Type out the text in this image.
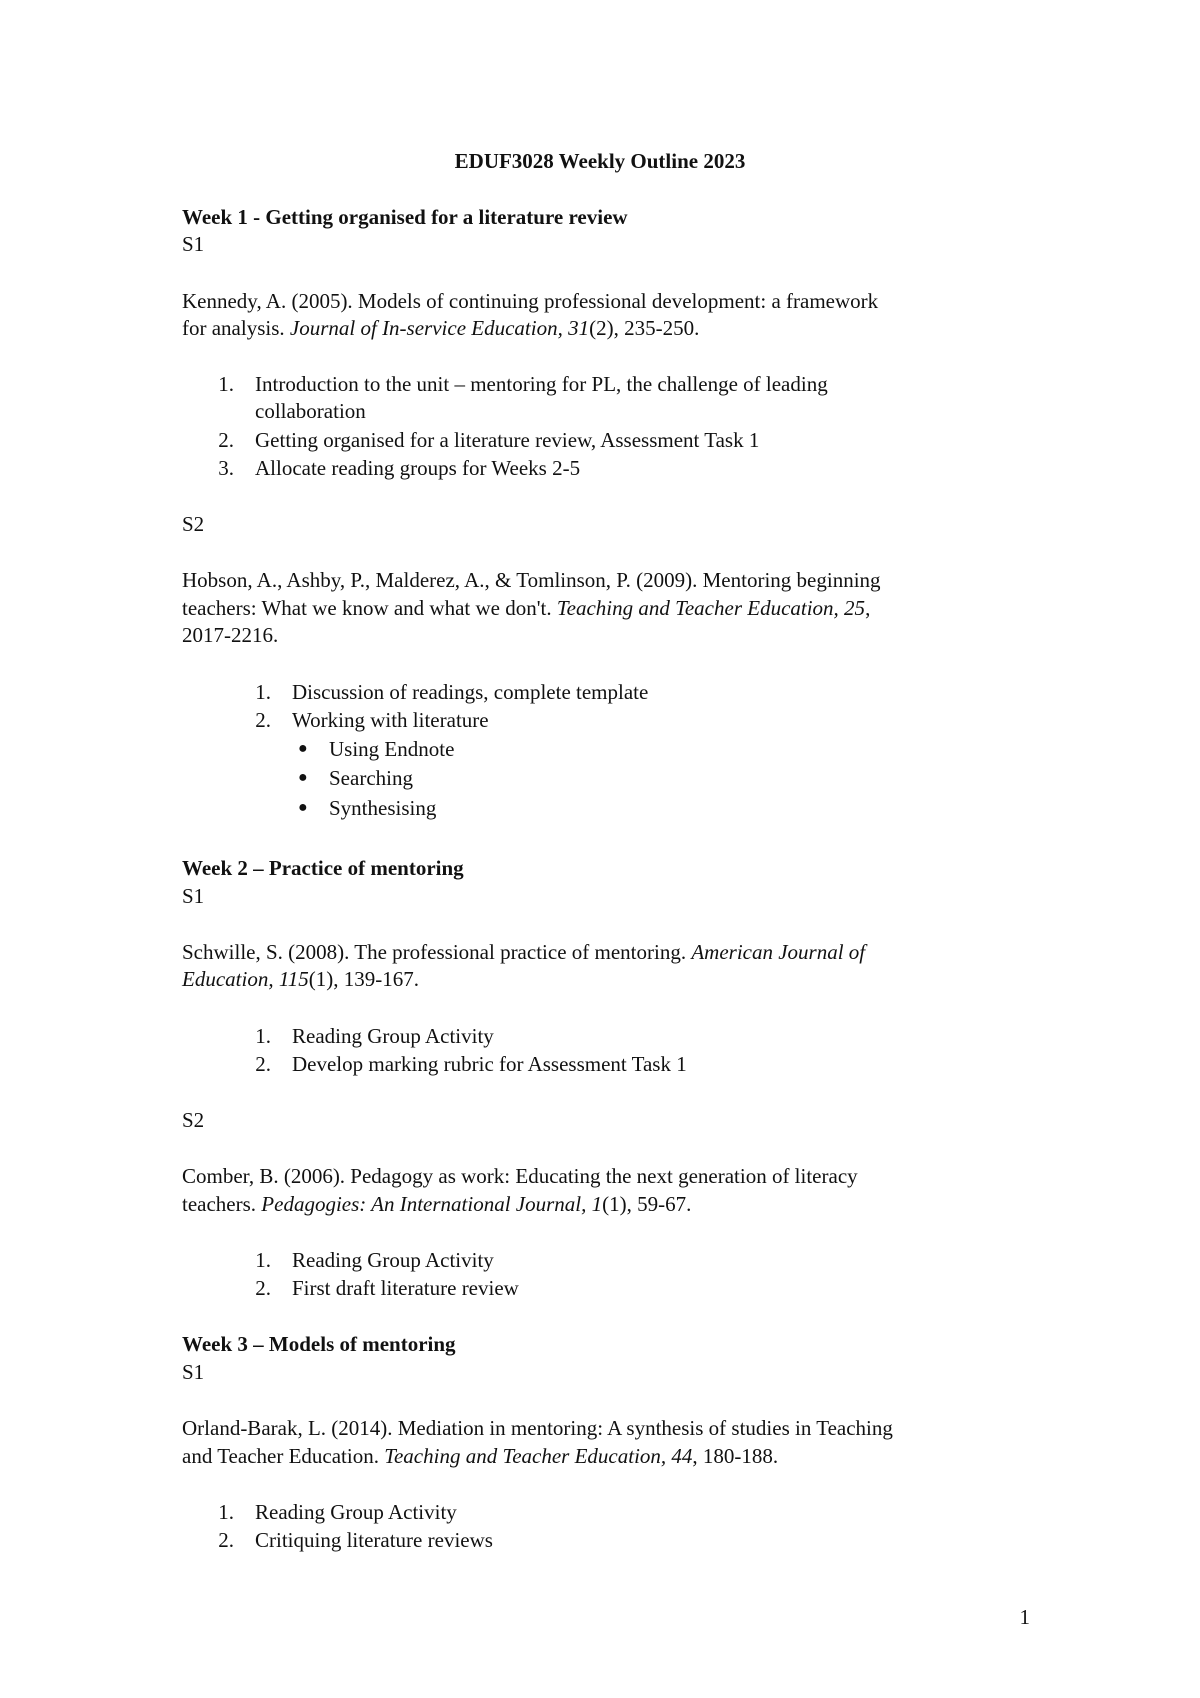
EDUF3028 Weekly Outline 2023
Week 1 - Getting organised for a literature review
S1
Kennedy, A. (2005). Models of continuing professional development: a framework
for analysis. Journal of In-service Education, 31(2), 235-250.
1. Introduction to the unit – mentoring for PL, the challenge of leading
collaboration
2. Getting organised for a literature review, Assessment Task 1
3. Allocate reading groups for Weeks 2-5
S2
Hobson, A., Ashby, P., Malderez, A., & Tomlinson, P. (2009). Mentoring beginning
teachers: What we know and what we don't. Teaching and Teacher Education, 25,
2017-2216.
1. Discussion of readings, complete template
2. Working with literature
● Using Endnote
● Searching
● Synthesising
Week 2 – Practice of mentoring
S1
Schwille, S. (2008). The professional practice of mentoring. American Journal of
Education, 115(1), 139-167.
1. Reading Group Activity
2. Develop marking rubric for Assessment Task 1
S2
Comber, B. (2006). Pedagogy as work: Educating the next generation of literacy
teachers. Pedagogies: An International Journal, 1(1), 59-67.
1. Reading Group Activity
2. First draft literature review
Week 3 – Models of mentoring
S1
Orland-Barak, L. (2014). Mediation in mentoring: A synthesis of studies in Teaching
and Teacher Education. Teaching and Teacher Education, 44, 180-188.
1. Reading Group Activity
2. Critiquing literature reviews
1
